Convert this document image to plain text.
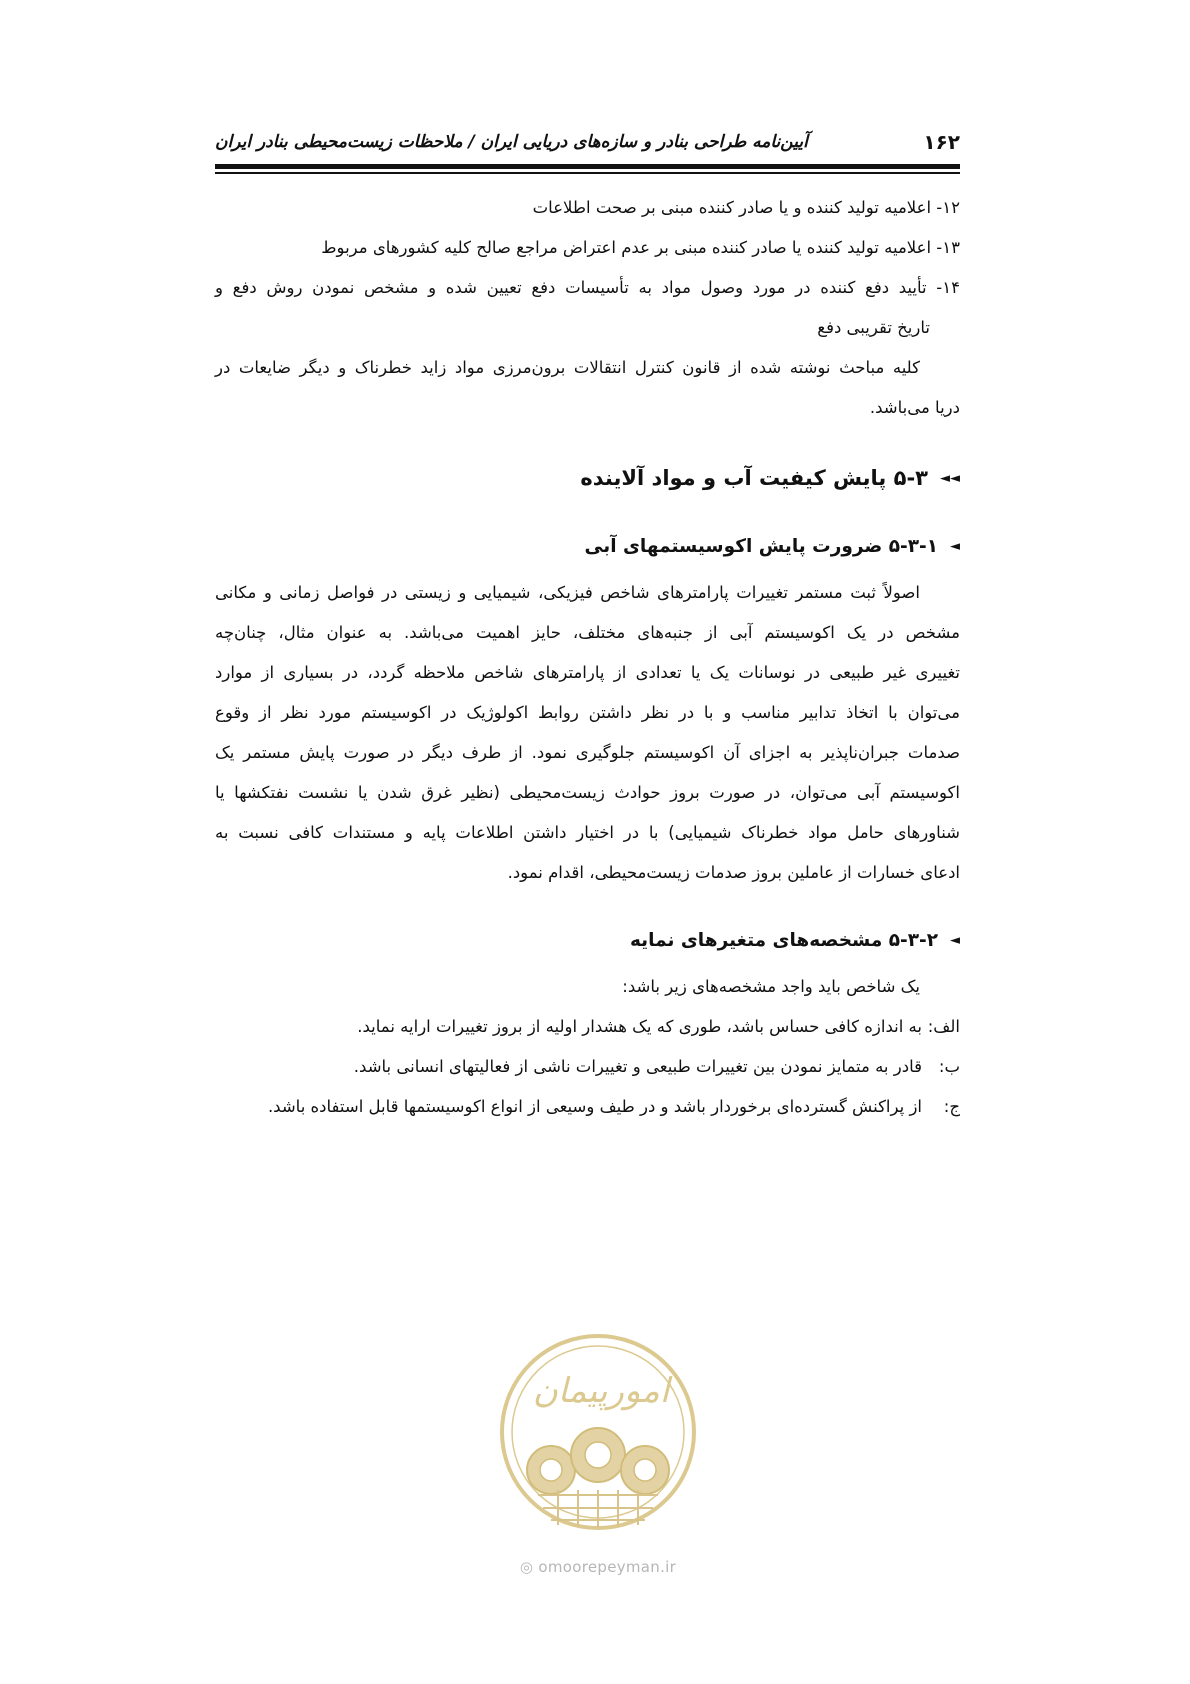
۱۶۲
آیین‌نامه طراحی بنادر و سازه‌های دریایی ایران / ملاحظات زیست‌محیطی بنادر ایران
۱۲- اعلامیه تولید کننده و یا صادر کننده مبنی بر صحت اطلاعات
۱۳- اعلامیه تولید کننده یا صادر کننده مبنی بر عدم اعتراض مراجع صالح کلیه کشورهای مربوط
۱۴- تأیید دفع کننده در مورد وصول مواد به تأسیسات دفع تعیین شده و مشخص نمودن روش دفع و
تاریخ تقریبی دفع
کلیه مباحث نوشته شده از قانون کنترل انتقالات برون‌مرزی مواد زاید خطرناک و دیگر ضایعات در
دریا می‌باشد.
◄◄۵-۳ پایش کیفیت آب و مواد آلاینده
◄۵-۳-۱ ضرورت پایش اکوسیستمهای آبی
اصولاً ثبت مستمر تغییرات پارامترهای شاخص فیزیکی، شیمیایی و زیستی در فواصل زمانی و مکانی
مشخص در یک اکوسیستم آبی از جنبه‌های مختلف، حایز اهمیت می‌باشد. به عنوان مثال، چنان‌چه
تغییری غیر طبیعی در نوسانات یک یا تعدادی از پارامترهای شاخص ملاحظه گردد، در بسیاری از موارد
می‌توان با اتخاذ تدابیر مناسب و با در نظر داشتن روابط اکولوژیک در اکوسیستم مورد نظر از وقوع
صدمات جبران‌ناپذیر به اجزای آن اکوسیستم جلوگیری نمود. از طرف دیگر در صورت پایش مستمر یک
اکوسیستم آبی می‌توان، در صورت بروز حوادث زیست‌محیطی (نظیر غرق شدن یا نشست نفتکشها یا
شناورهای حامل مواد خطرناک شیمیایی) با در اختیار داشتن اطلاعات پایه و مستندات کافی نسبت به
ادعای خسارات از عاملین بروز صدمات زیست‌محیطی، اقدام نمود.
◄۵-۳-۲ مشخصه‌های متغیرهای نمایه
یک شاخص باید واجد مشخصه‌های زیر باشد:
الف:به اندازه کافی حساس باشد، طوری که یک هشدار اولیه از بروز تغییرات ارایه نماید.
ب:قادر به متمایز نمودن بین تغییرات طبیعی و تغییرات ناشی از فعالیتهای انسانی باشد.
ج:از پراکنش گسترده‌ای برخوردار باشد و در طیف وسیعی از انواع اکوسیستمها قابل استفاده باشد.
امورپیمان
◎ omoorepeyman.ir
